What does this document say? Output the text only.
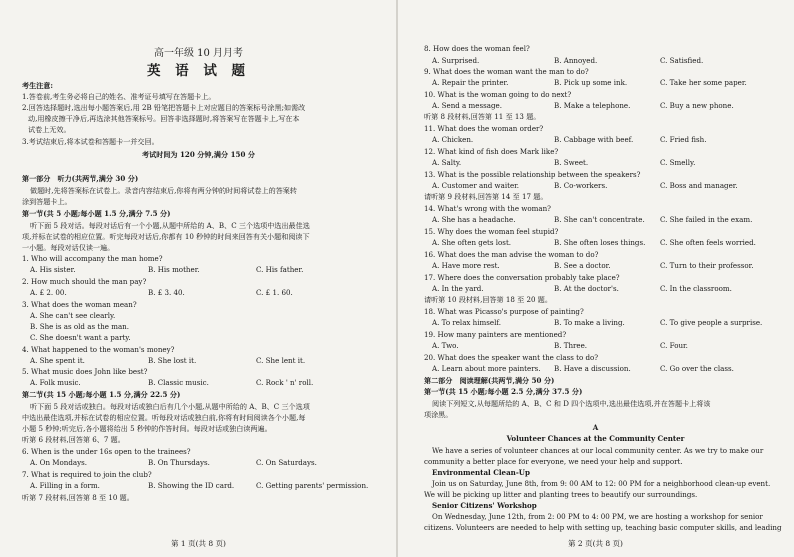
高一年级 10 月月考
英 语 试 题
考生注意:
1.答卷前,考生务必将自己的姓名、准考证号填写在答题卡上。
2.回答选择题时,选出每小题答案后,用 2B 铅笔把答题卡上对应题目的答案标号涂黑;如需改
动,用橡皮擦干净后,再选涂其他答案标号。回答非选择题时,将答案写在答题卡上,写在本
试卷上无效。
3.考试结束后,将本试卷和答题卡一并交回。
考试时间为 120 分钟,满分 150 分
第一部分　听力(共两节,满分 30 分)
做题时,先将答案标在试卷上。录音内容结束后,你将有两分钟的时间将试卷上的答案转
涂到答题卡上。
第一节(共 5 小题;每小题 1.5 分,满分 7.5 分)
听下面 5 段对话。每段对话后有一个小题,从题中所给的 A、B、C 三个选项中选出最佳选
项,并标在试卷的相应位置。听完每段对话后,你都有 10 秒钟的时间来回答有关小题和阅读下
一小题。每段对话仅读一遍。
1. Who will accompany the man home?
A. His sister.	B. His mother.	C. His father.
2. How much should the man pay?
A. £ 2. 00.	B. £ 3. 40.	C. £ 1. 60.
3. What does the woman mean?
A. She can't see clearly.
B. She is as old as the man.
C. She doesn't want a party.
4. What happened to the woman's money?
A. She spent it.	B. She lost it.	C. She lent it.
5. What music does John like best?
A. Folk music.	B. Classic music.	C. Rock ' n' roll.
第二节(共 15 小题;每小题 1.5 分,满分 22.5 分)
听下面 5 段对话或独白。每段对话或独白后有几个小题,从题中所给的 A、B、C 三个选项
中选出最佳选项,并标在试卷的相应位置。听每段对话或独白前,你将有时间阅读各个小题,每
小题 5 秒钟;听完后,各小题将给出 5 秒钟的作答时间。每段对话或独白读两遍。
听第 6 段材料,回答第 6、7 题。
6. When is the under 16s open to the trainees?
A. On Mondays.	B. On Thursdays.	C. On Saturdays.
7. What is required to join the club?
A. Filling in a form.	B. Showing the ID card.	C. Getting parents' permission.
听第 7 段材料,回答第 8 至 10 题。
第 1 页(共 8 页)
8. How does the woman feel?
A. Surprised.	B. Annoyed.	C. Satisfied.
9. What does the woman want the man to do?
A. Repair the printer.	B. Pick up some ink.	C. Take her some paper.
10. What is the woman going to do next?
A. Send a message.	B. Make a telephone.	C. Buy a new phone.
听第 8 段材料,回答第 11 至 13 题。
11. What does the woman order?
A. Chicken.	B. Cabbage with beef.	C. Fried fish.
12. What kind of fish does Mark like?
A. Salty.	B. Sweet.	C. Smelly.
13. What is the possible relationship between the speakers?
A. Customer and waiter.	B. Co-workers.	C. Boss and manager.
请听第 9 段材料,回答第 14 至 17 题。
14. What's wrong with the woman?
A. She has a headache.	B. She can't concentrate. C. She failed in the exam.
15. Why does the woman feel stupid?
A. She often gets lost.	B. She often loses things. C. She often feels worried.
16. What does the man advise the woman to do?
A. Have more rest.	B. See a doctor.	C. Turn to their professor.
17. Where does the conversation probably take place?
A. In the yard.	B. At the doctor's.	C. In the classroom.
请听第 10 段材料,回答第 18 至 20 题。
18. What was Picasso's purpose of painting?
A. To relax himself.	B. To make a living.	C. To give people a surprise.
19. How many painters are mentioned?
A. Two.	B. Three.	C. Four.
20. What does the speaker want the class to do?
A. Learn about more painters. B. Have a discussion.	C. Go over the class.
第二部分　阅读理解(共两节,满分 50 分)
第一节(共 15 小题;每小题 2.5 分,满分 37.5 分)
阅读下列短文,从每题所给的 A、B、C 和 D 四个选项中,选出最佳选项,并在答题卡上将该
项涂黑。
A
Volunteer Chances at the Community Center
We have a series of volunteer chances at our local community center. As we try to make our
community a better place for everyone, we need your help and support.
Environmental Clean-Up
Join us on Saturday, June 8th, from 9: 00 AM to 12: 00 PM for a neighborhood clean-up event.
We will be picking up litter and planting trees to beautify our surroundings.
Senior Citizens' Workshop
On Wednesday, June 12th, from 2: 00 PM to 4: 00 PM, we are hosting a workshop for senior
citizens. Volunteers are needed to help with setting up, teaching basic computer skills, and leading
第 2 页(共 8 页)
